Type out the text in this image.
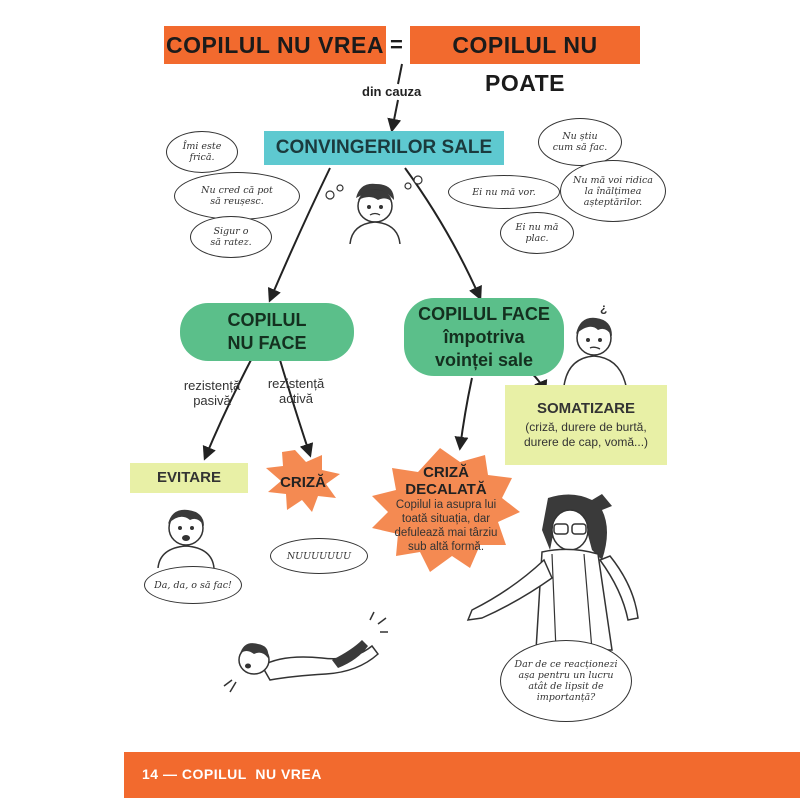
COPILUL NU VREA =	COPILUL NU POATE
din cauza
CRIZĂ
Îmi este
frică.
Nu cred că pot
să reușesc.
Sigur o
să ratez.
Nu știu
cum să fac.
Ei nu mă vor.
Nu mă voi ridica
la înălțimea
așteptărilor.
Ei nu mă
plac.
CONVINGERILOR SALE
COPILUL
NU FACE
COPILUL FACE
împotriva
voinței sale
¿
rezistență
pasivă
rezistență
activă
SOMATIZARE
(criză, durere de burtă,
durere de cap, vomă...)
EVITARE	CRIZĂ
DECALATĂ
Copilul ia asupra lui
toată situația, dar
defulează mai târziu
sub altă formă.
Da, da, o să fac!
NUUUUUUU
Dar de ce reacționezi
așa pentru un lucru
atât de lipsit de
importanță?
14 — COPILUL  NU VREA
